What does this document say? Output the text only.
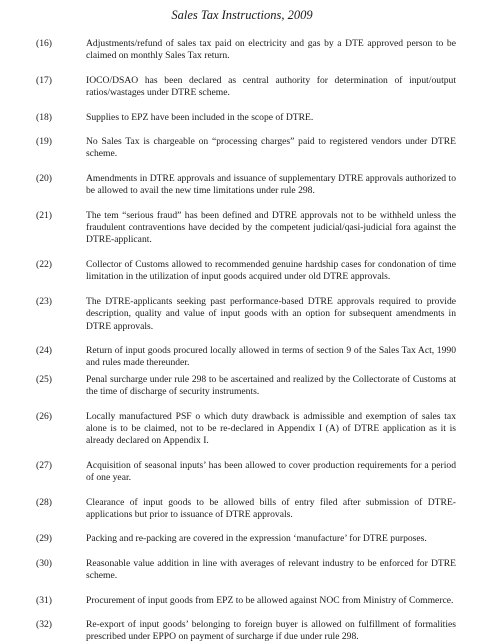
Sales Tax Instructions, 2009
(16)	Adjustments/refund of sales tax paid on electricity and gas by a DTE approved person to be claimed on monthly Sales Tax return.
(17)	IOCO/DSAO has been declared as central authority for determination of input/output ratios/wastages under DTRE scheme.
(18)	Supplies to EPZ have been included in the scope of DTRE.
(19)	No Sales Tax is chargeable on “processing charges” paid to registered vendors under DTRE scheme.
(20)	Amendments in DTRE approvals and issuance of supplementary DTRE approvals authorized to be allowed to avail the new time limitations under rule 298.
(21)	The tem “serious fraud” has been defined and DTRE approvals not to be withheld unless the fraudulent contraventions have decided by the competent judicial/qasi-judicial fora against the DTRE-applicant.
(22)	Collector of Customs allowed to recommended genuine hardship cases for condonation of time limitation in the utilization of input goods acquired under old DTRE approvals.
(23)	The DTRE-applicants seeking past performance-based DTRE approvals required to provide description, quality and value of input goods with an option for subsequent amendments in DTRE approvals.
(24)	Return of input goods procured locally allowed in terms of section 9 of the Sales Tax Act, 1990 and rules made thereunder.
(25)	Penal surcharge under rule 298 to be ascertained and realized by the Collectorate of Customs at the time of discharge of security instruments.
(26)	Locally manufactured PSF o which duty drawback is admissible and exemption of sales tax alone is to be claimed, not to be re-declared in Appendix I (A) of DTRE application as it is already declared on Appendix I.
(27)	Acquisition of seasonal inputs’ has been allowed to cover production requirements for a period of one year.
(28)	Clearance of input goods to be allowed bills of entry filed after submission of DTRE-applications but prior to issuance of DTRE approvals.
(29)	Packing and re-packing are covered in the expression ‘manufacture’ for DTRE purposes.
(30)	Reasonable value addition in line with averages of relevant industry to be enforced for DTRE scheme.
(31)	Procurement of input goods from EPZ to be allowed against NOC from Ministry of Commerce.
(32)	Re-export of input goods’ belonging to foreign buyer is allowed on fulfillment of formalities prescribed under EPPO on payment of surcharge if due under rule 298.
